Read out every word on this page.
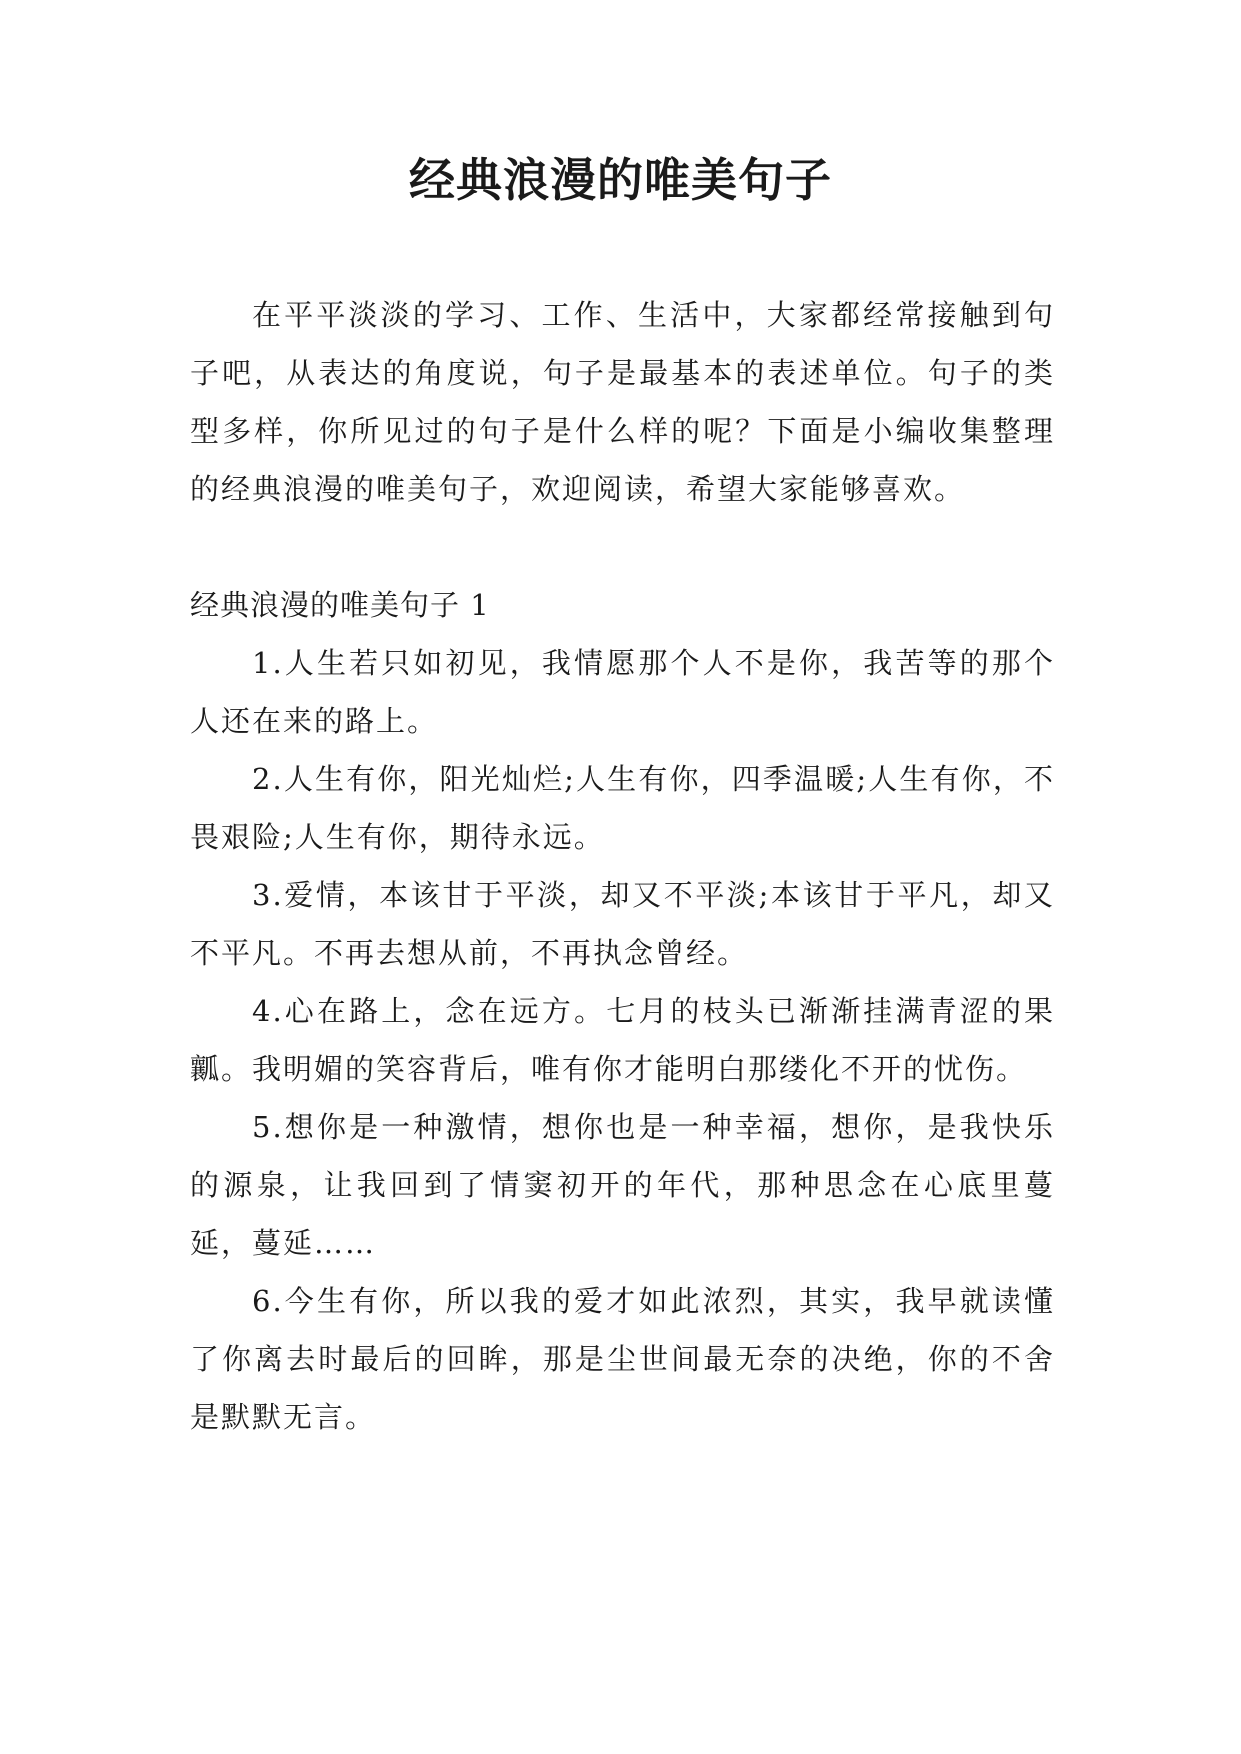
经典浪漫的唯美句子

在平平淡淡的学习、工作、生活中，大家都经常接触到句子吧，从表达的角度说，句子是最基本的表述单位。句子的类型多样，你所见过的句子是什么样的呢？下面是小编收集整理的经典浪漫的唯美句子，欢迎阅读，希望大家能够喜欢。

经典浪漫的唯美句子 1

1.人生若只如初见，我情愿那个人不是你，我苦等的那个人还在来的路上。

2.人生有你，阳光灿烂;人生有你，四季温暖;人生有你，不畏艰险;人生有你，期待永远。

3.爱情，本该甘于平淡，却又不平淡;本该甘于平凡，却又不平凡。不再去想从前，不再执念曾经。

4.心在路上，念在远方。七月的枝头已渐渐挂满青涩的果瓤。我明媚的笑容背后，唯有你才能明白那缕化不开的忧伤。

5.想你是一种激情，想你也是一种幸福，想你，是我快乐的源泉，让我回到了情窦初开的年代，那种思念在心底里蔓延，蔓延……

6.今生有你，所以我的爱才如此浓烈，其实，我早就读懂了你离去时最后的回眸，那是尘世间最无奈的决绝，你的不舍是默默无言。
